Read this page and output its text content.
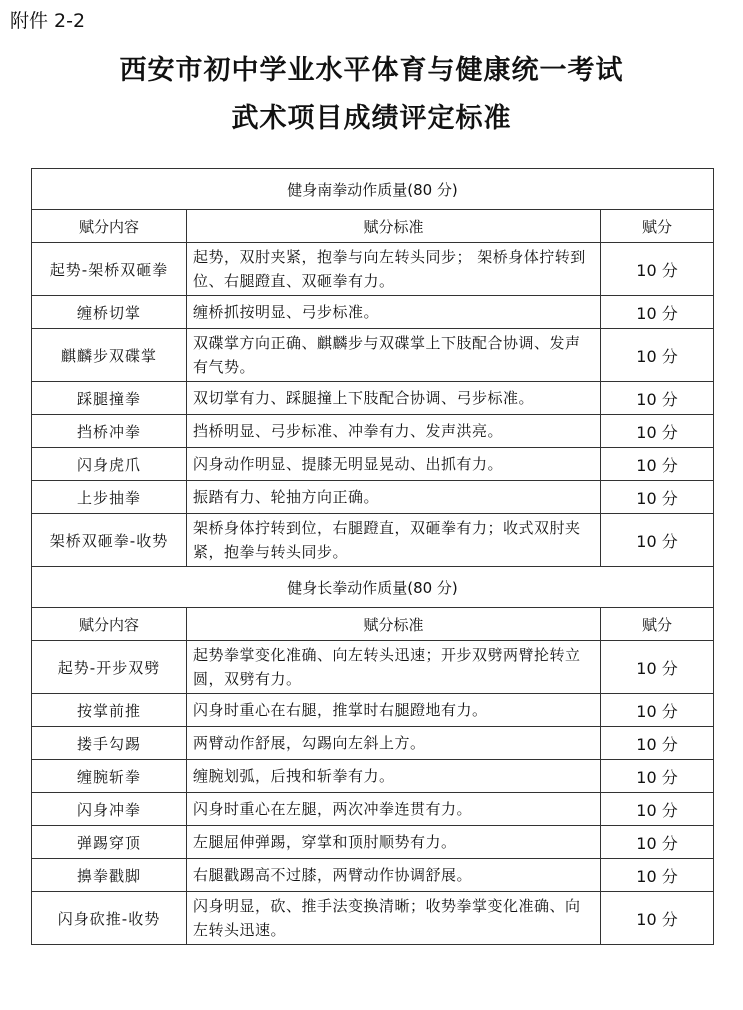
附件 2-2
西安市初中学业水平体育与健康统一考试
武术项目成绩评定标准
健身南拳动作质量(80 分)		
赋分内容	赋分标准	赋分
起势-架桥双砸拳	起势，双肘夹紧，抱拳与向左转头同步； 架桥身体拧转到位、右腿蹬直、双砸拳有力。	10 分
缠桥切掌	缠桥抓按明显、弓步标准。	10 分
麒麟步双碟掌	双碟掌方向正确、麒麟步与双碟掌上下肢配合协调、发声有气势。	10 分
踩腿撞拳	双切掌有力、踩腿撞上下肢配合协调、弓步标准。	10 分
挡桥冲拳	挡桥明显、弓步标准、冲拳有力、发声洪亮。	10 分
闪身虎爪	闪身动作明显、提膝无明显晃动、出抓有力。	10 分
上步抽拳	振踏有力、轮抽方向正确。	10 分
架桥双砸拳-收势	架桥身体拧转到位，右腿蹬直，双砸拳有力；收式双肘夹紧，抱拳与转头同步。	10 分
健身长拳动作质量(80 分)		
赋分内容	赋分标准	赋分
起势-开步双劈	起势拳掌变化准确、向左转头迅速；开步双劈两臂抡转立圆，双劈有力。	10 分
按掌前推	闪身时重心在右腿，推掌时右腿蹬地有力。	10 分
搂手勾踢	两臂动作舒展，勾踢向左斜上方。	10 分
缠腕斩拳	缠腕划弧，后拽和斩拳有力。	10 分
闪身冲拳	闪身时重心在左腿，两次冲拳连贯有力。	10 分
弹踢穿顶	左腿屈伸弹踢，穿掌和顶肘顺势有力。	10 分
擤拳戳脚	右腿戳踢高不过膝，两臂动作协调舒展。	10 分
闪身砍推-收势	闪身明显，砍、推手法变换清晰；收势拳掌变化准确、向左转头迅速。	10 分
